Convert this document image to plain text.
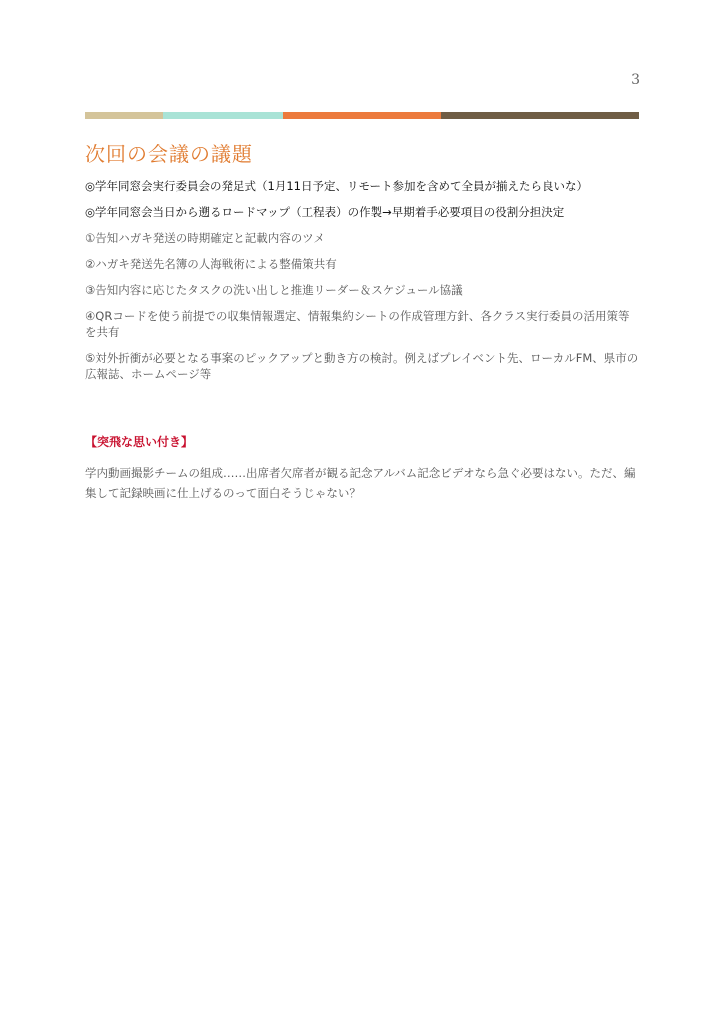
3
次回の会議の議題
◎学年同窓会実行委員会の発足式（1月11日予定、リモート参加を含めて全員が揃えたら良いな）
◎学年同窓会当日から遡るロードマップ（工程表）の作製→早期着手必要項目の役割分担決定
①告知ハガキ発送の時期確定と記載内容のツメ
②ハガキ発送先名簿の人海戦術による整備策共有
③告知内容に応じたタスクの洗い出しと推進リーダー＆スケジュール協議
④QRコードを使う前提での収集情報選定、情報集約シートの作成管理方針、各クラス実行委員の活用策等を共有
⑤対外折衝が必要となる事案のピックアップと動き方の検討。例えばプレイベント先、ローカルFM、県市の広報誌、ホームページ等
【突飛な思い付き】
学内動画撮影チームの組成……出席者欠席者が観る記念アルバム記念ビデオなら急ぐ必要はない。ただ、編集して記録映画に仕上げるのって面白そうじゃない？
